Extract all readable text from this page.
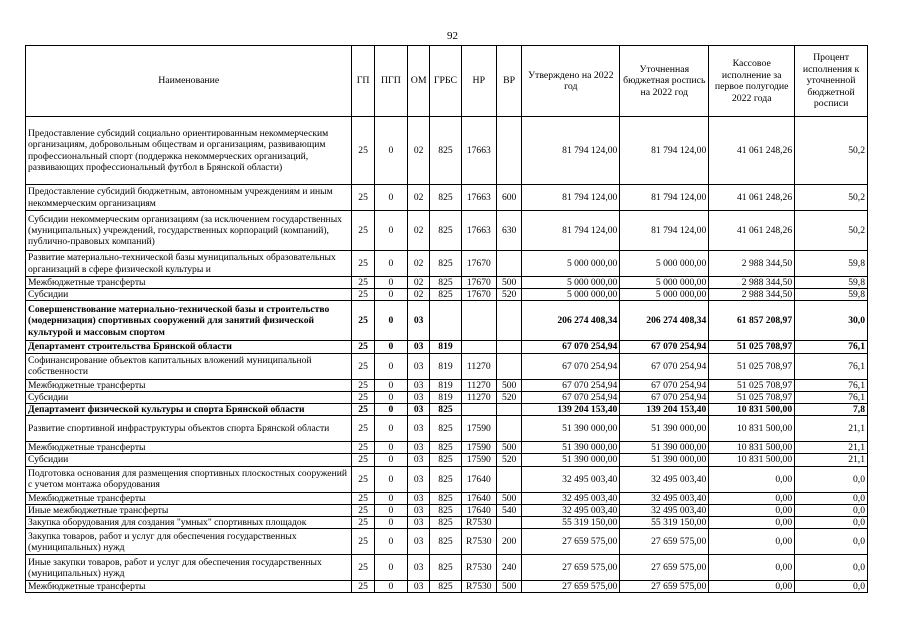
92
Наименование	ГП	ПГП	ОМ	ГРБС	НР	ВР	Утверждено на 2022 год	Уточненная бюджетная роспись на 2022 год	Кассовое исполнение за первое полугодие 2022 года	Процент исполнения к уточненной бюджетной росписи
Предоставление субсидий социально ориентированным некоммерческим организациям, добровольным обществам и организациям, развивающим профессиональный спорт (поддержка некоммерческих организаций, развивающих профессиональный футбол в Брянской области)	25	0	02	825	17663		81 794 124,00	81 794 124,00	41 061 248,26	50,2
Предоставление субсидий бюджетным, автономным учреждениям и иным некоммерческим организациям	25	0	02	825	17663	600	81 794 124,00	81 794 124,00	41 061 248,26	50,2
Субсидии некоммерческим организациям (за исключением государственных (муниципальных) учреждений, государственных корпораций (компаний), публично-правовых компаний)	25	0	02	825	17663	630	81 794 124,00	81 794 124,00	41 061 248,26	50,2
Развитие материально-технической базы муниципальных образовательных организаций в сфере физической культуры и	25	0	02	825	17670		5 000 000,00	5 000 000,00	2 988 344,50	59,8
Межбюджетные трансферты	25	0	02	825	17670	500	5 000 000,00	5 000 000,00	2 988 344,50	59,8
Субсидии	25	0	02	825	17670	520	5 000 000,00	5 000 000,00	2 988 344,50	59,8
Совершенствование материально-технической базы и строительство (модернизация) спортивных сооружений для занятий физической культурой и массовым спортом	25	0	03				206 274 408,34	206 274 408,34	61 857 208,97	30,0
Департамент строительства Брянской области	25	0	03	819			67 070 254,94	67 070 254,94	51 025 708,97	76,1
Софинансирование объектов капитальных вложений муниципальной собственности	25	0	03	819	11270		67 070 254,94	67 070 254,94	51 025 708,97	76,1
Межбюджетные трансферты	25	0	03	819	11270	500	67 070 254,94	67 070 254,94	51 025 708,97	76,1
Субсидии	25	0	03	819	11270	520	67 070 254,94	67 070 254,94	51 025 708,97	76,1
Департамент физической культуры и спорта Брянской области	25	0	03	825			139 204 153,40	139 204 153,40	10 831 500,00	7,8
Развитие спортивной инфраструктуры объектов спорта Брянской области	25	0	03	825	17590		51 390 000,00	51 390 000,00	10 831 500,00	21,1
Межбюджетные трансферты	25	0	03	825	17590	500	51 390 000,00	51 390 000,00	10 831 500,00	21,1
Субсидии	25	0	03	825	17590	520	51 390 000,00	51 390 000,00	10 831 500,00	21,1
Подготовка основания для размещения спортивных плоскостных сооружений с учетом монтажа оборудования	25	0	03	825	17640		32 495 003,40	32 495 003,40	0,00	0,0
Межбюджетные трансферты	25	0	03	825	17640	500	32 495 003,40	32 495 003,40	0,00	0,0
Иные межбюджетные трансферты	25	0	03	825	17640	540	32 495 003,40	32 495 003,40	0,00	0,0
Закупка оборудования для создания "умных" спортивных площадок	25	0	03	825	R7530		55 319 150,00	55 319 150,00	0,00	0,0
Закупка товаров, работ и услуг для обеспечения государственных (муниципальных) нужд	25	0	03	825	R7530	200	27 659 575,00	27 659 575,00	0,00	0,0
Иные закупки товаров, работ и услуг для обеспечения государственных (муниципальных) нужд	25	0	03	825	R7530	240	27 659 575,00	27 659 575,00	0,00	0,0
Межбюджетные трансферты	25	0	03	825	R7530	500	27 659 575,00	27 659 575,00	0,00	0,0
